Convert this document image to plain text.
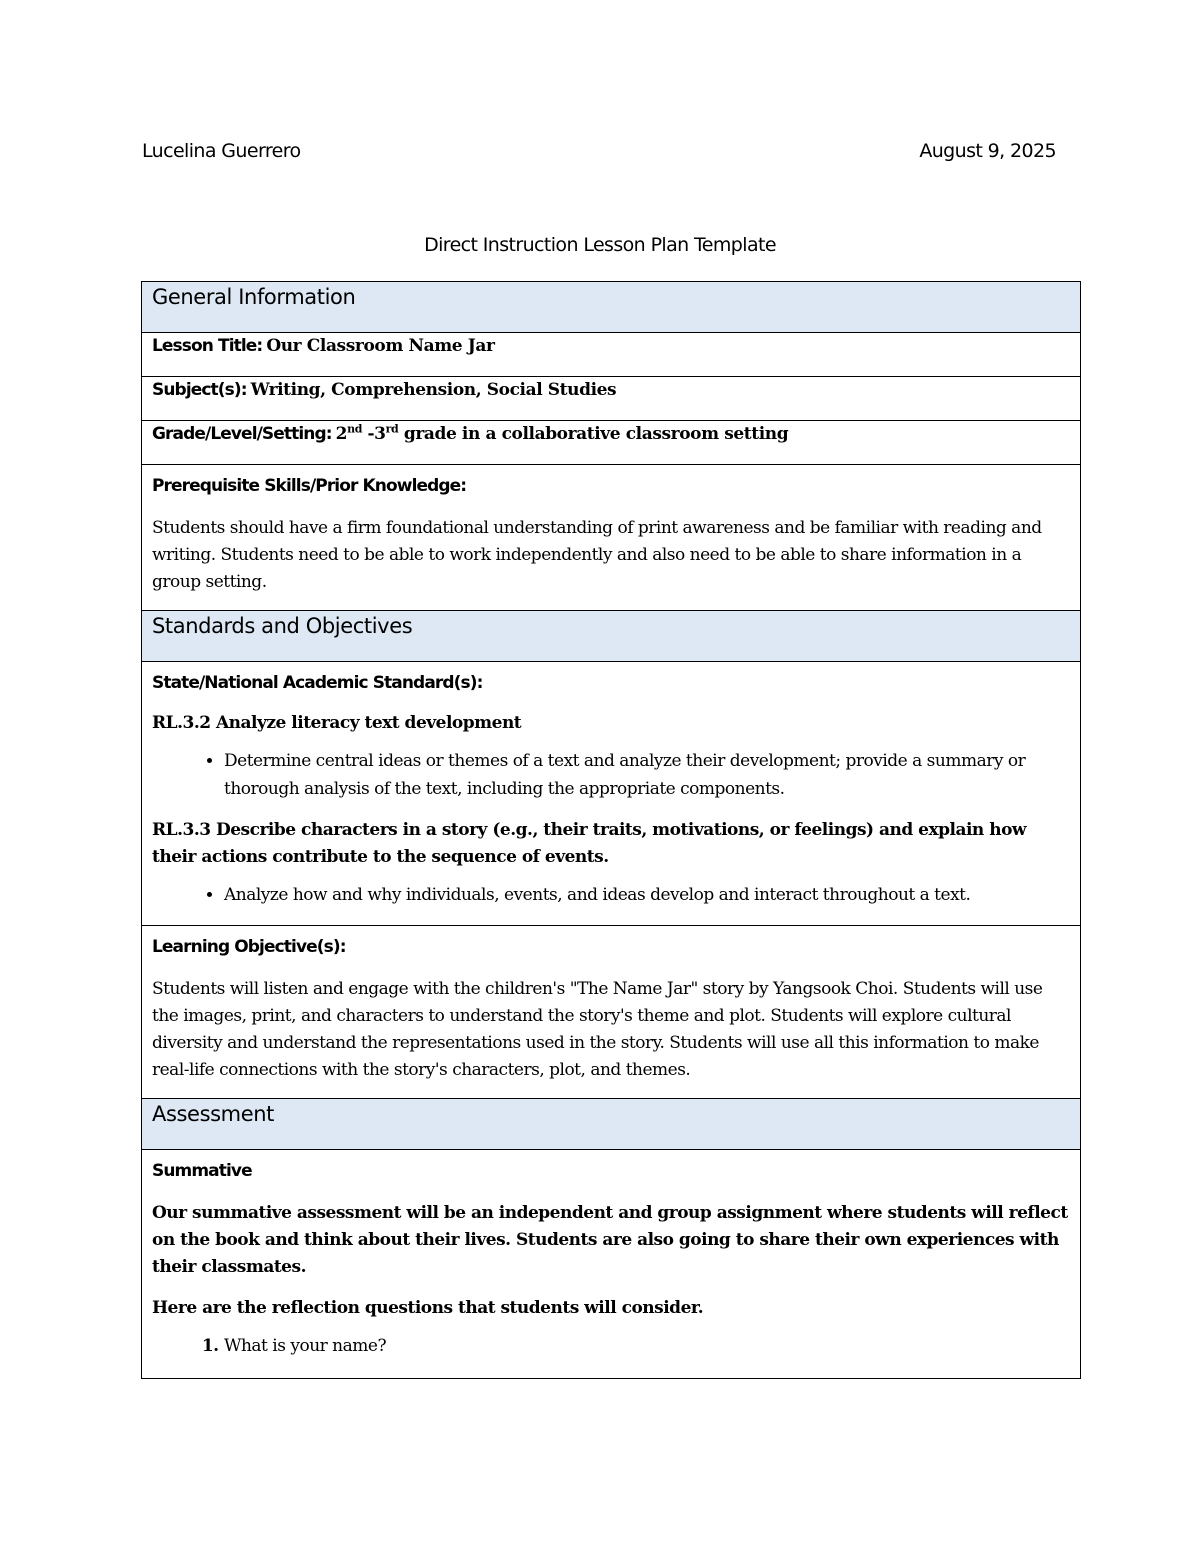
Lucelina Guerrero	August 9, 2025
Direct Instruction Lesson Plan Template
General Information
Lesson Title: Our Classroom Name Jar
Subject(s): Writing, Comprehension, Social Studies
Grade/Level/Setting: 2nd -3rd grade in a collaborative classroom setting

Prerequisite Skills/Prior Knowledge:

Students should have a firm foundational understanding of print awareness and be familiar with reading and writing. Students need to be able to work independently and also need to be able to share information in a group setting.

Standards and Objectives

State/National Academic Standard(s):

RL.3.2 Analyze literacy text development

• Determine central ideas or themes of a text and analyze their development; provide a summary or thorough analysis of the text, including the appropriate components.

RL.3.3 Describe characters in a story (e.g., their traits, motivations, or feelings) and explain how their actions contribute to the sequence of events.

• Analyze how and why individuals, events, and ideas develop and interact throughout a text.

Learning Objective(s):

Students will listen and engage with the children's "The Name Jar" story by Yangsook Choi. Students will use the images, print, and characters to understand the story's theme and plot. Students will explore cultural diversity and understand the representations used in the story. Students will use all this information to make real-life connections with the story's characters, plot, and themes.

Assessment

Summative

Our summative assessment will be an independent and group assignment where students will reflect on the book and think about their lives. Students are also going to share their own experiences with their classmates.

Here are the reflection questions that students will consider.

1. What is your name?
